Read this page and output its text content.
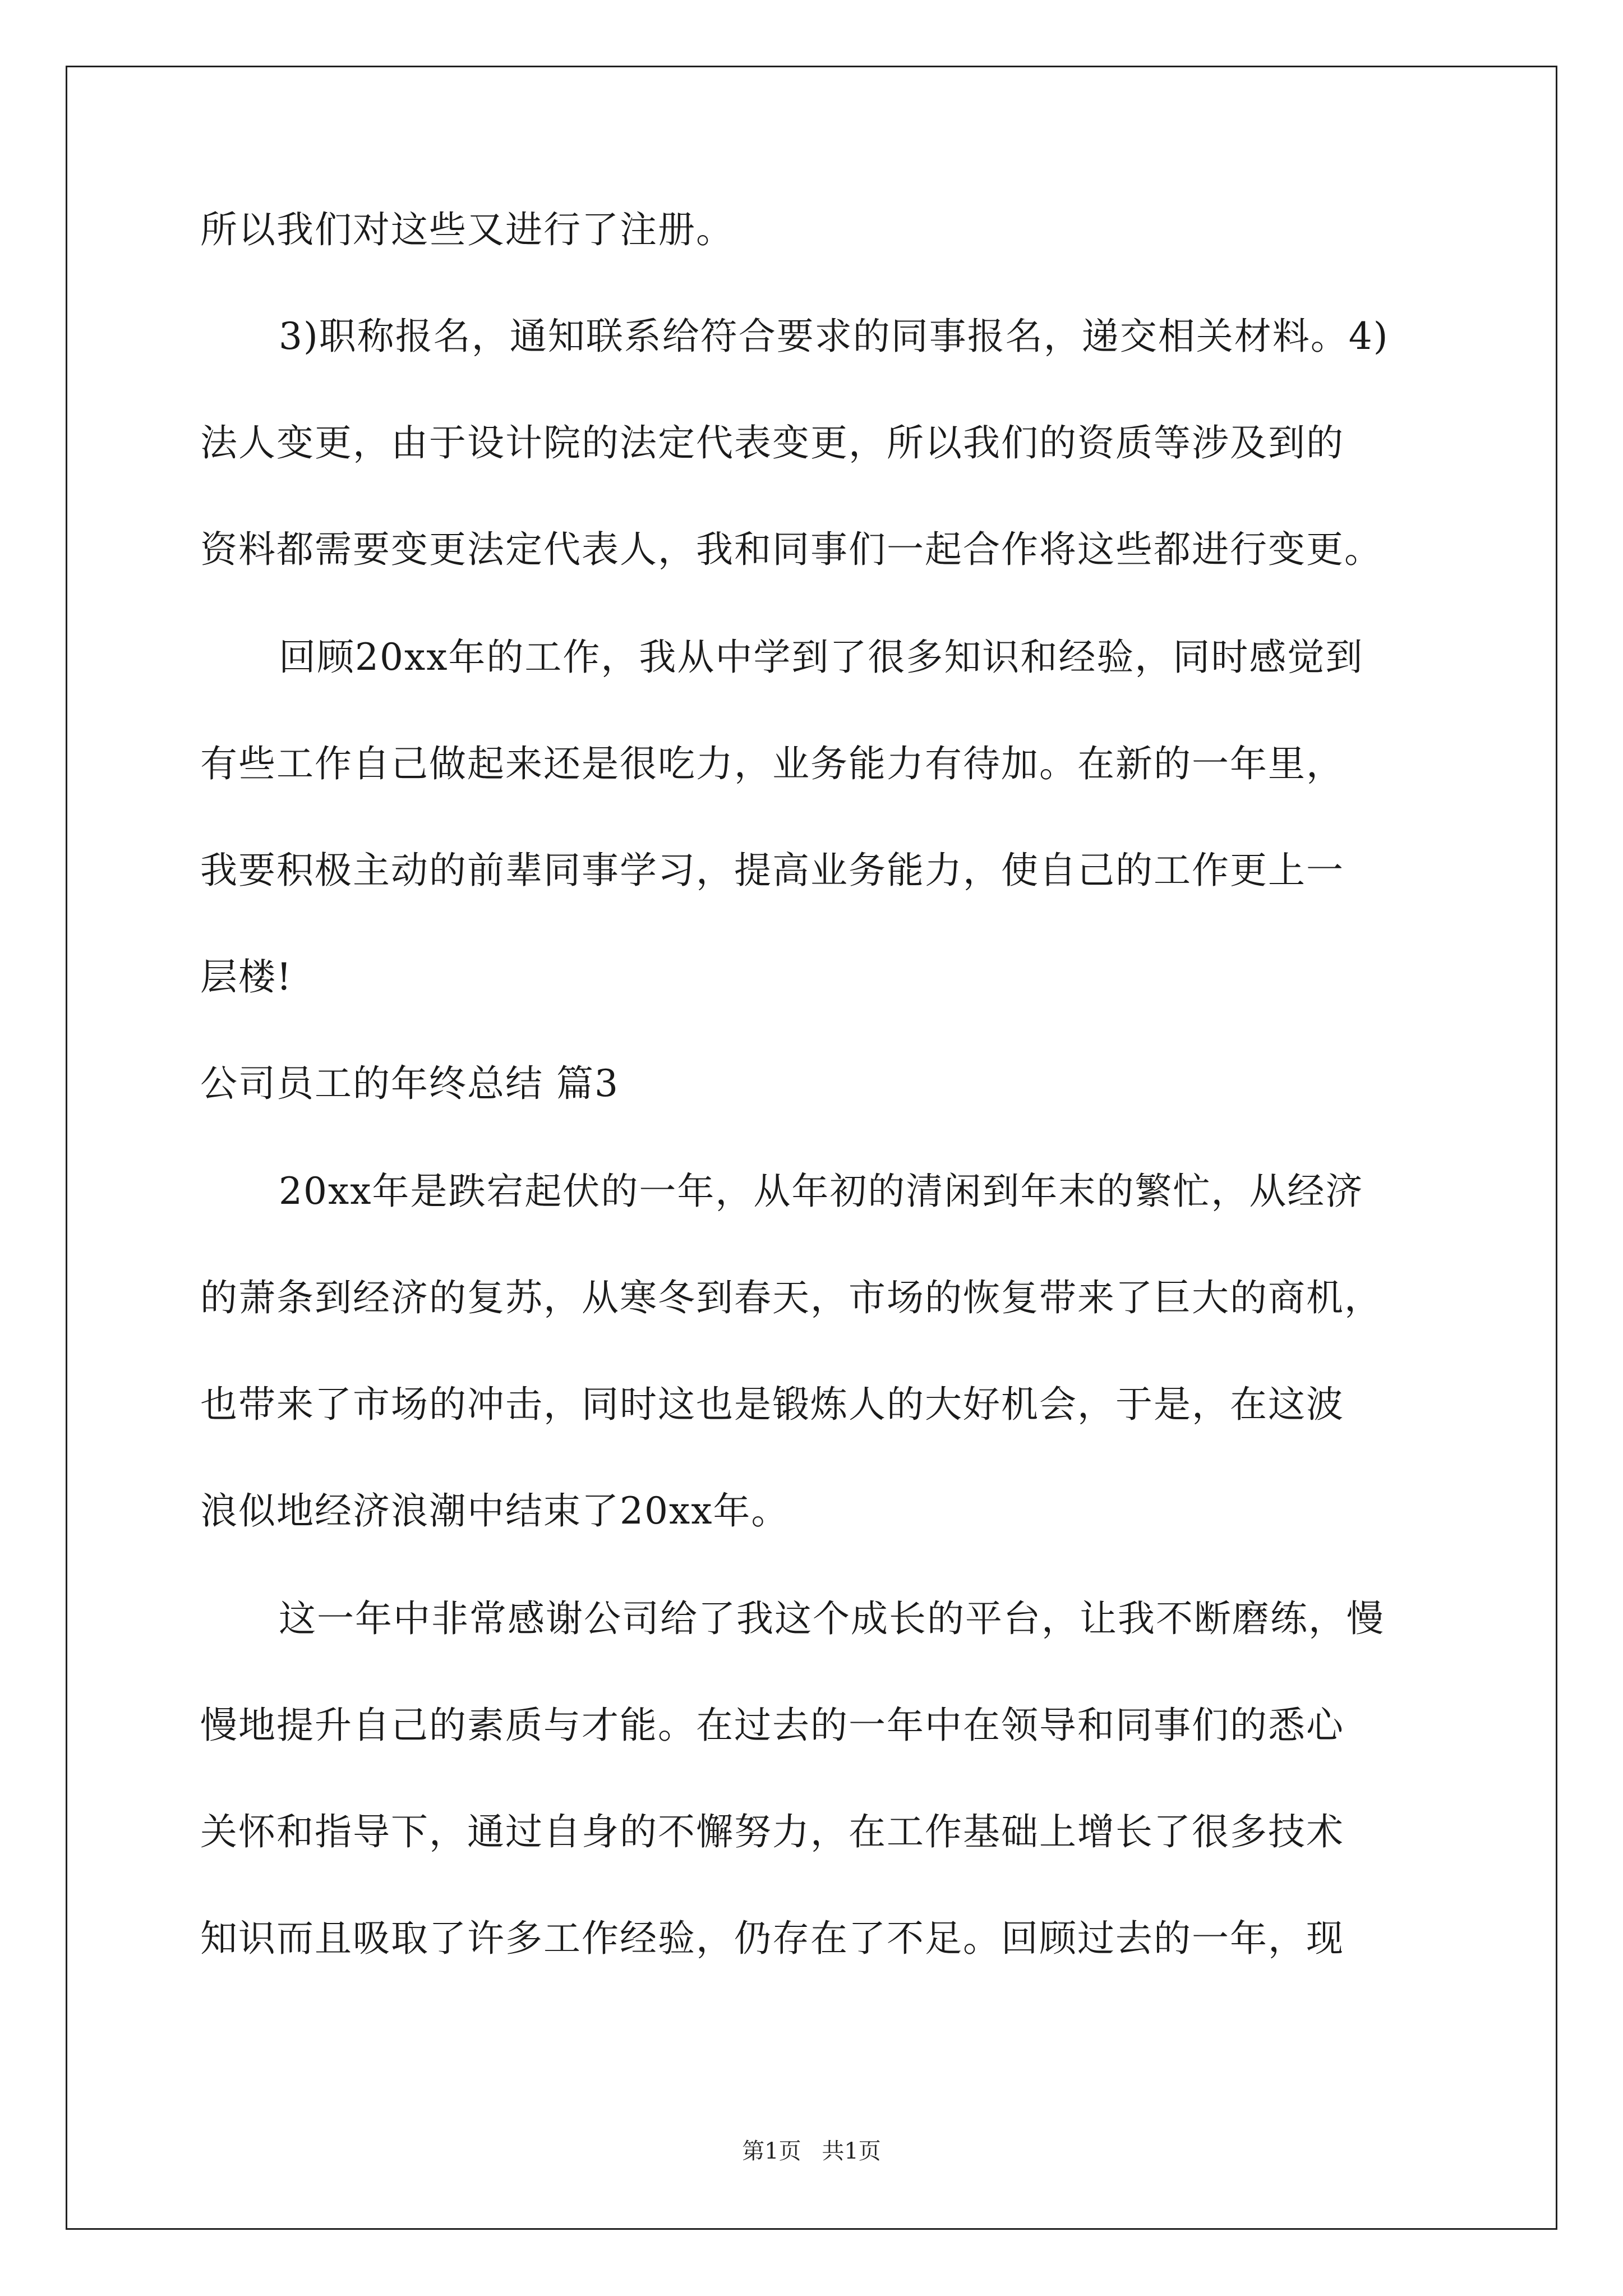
所以我们对这些又进行了注册。
3)职称报名，通知联系给符合要求的同事报名，递交相关材料。4)
法人变更，由于设计院的法定代表变更，所以我们的资质等涉及到的
资料都需要变更法定代表人，我和同事们一起合作将这些都进行变更。
回顾20xx年的工作，我从中学到了很多知识和经验，同时感觉到
有些工作自己做起来还是很吃力，业务能力有待加。在新的一年里，
我要积极主动的前辈同事学习，提高业务能力，使自己的工作更上一
层楼!
公司员工的年终总结 篇3
20xx年是跌宕起伏的一年，从年初的清闲到年末的繁忙，从经济
的萧条到经济的复苏，从寒冬到春天，市场的恢复带来了巨大的商机，
也带来了市场的冲击，同时这也是锻炼人的大好机会，于是，在这波
浪似地经济浪潮中结束了20xx年。
这一年中非常感谢公司给了我这个成长的平台，让我不断磨练，慢
慢地提升自己的素质与才能。在过去的一年中在领导和同事们的悉心
关怀和指导下，通过自身的不懈努力，在工作基础上增长了很多技术
知识而且吸取了许多工作经验，仍存在了不足。回顾过去的一年，现
第1页 共1页
